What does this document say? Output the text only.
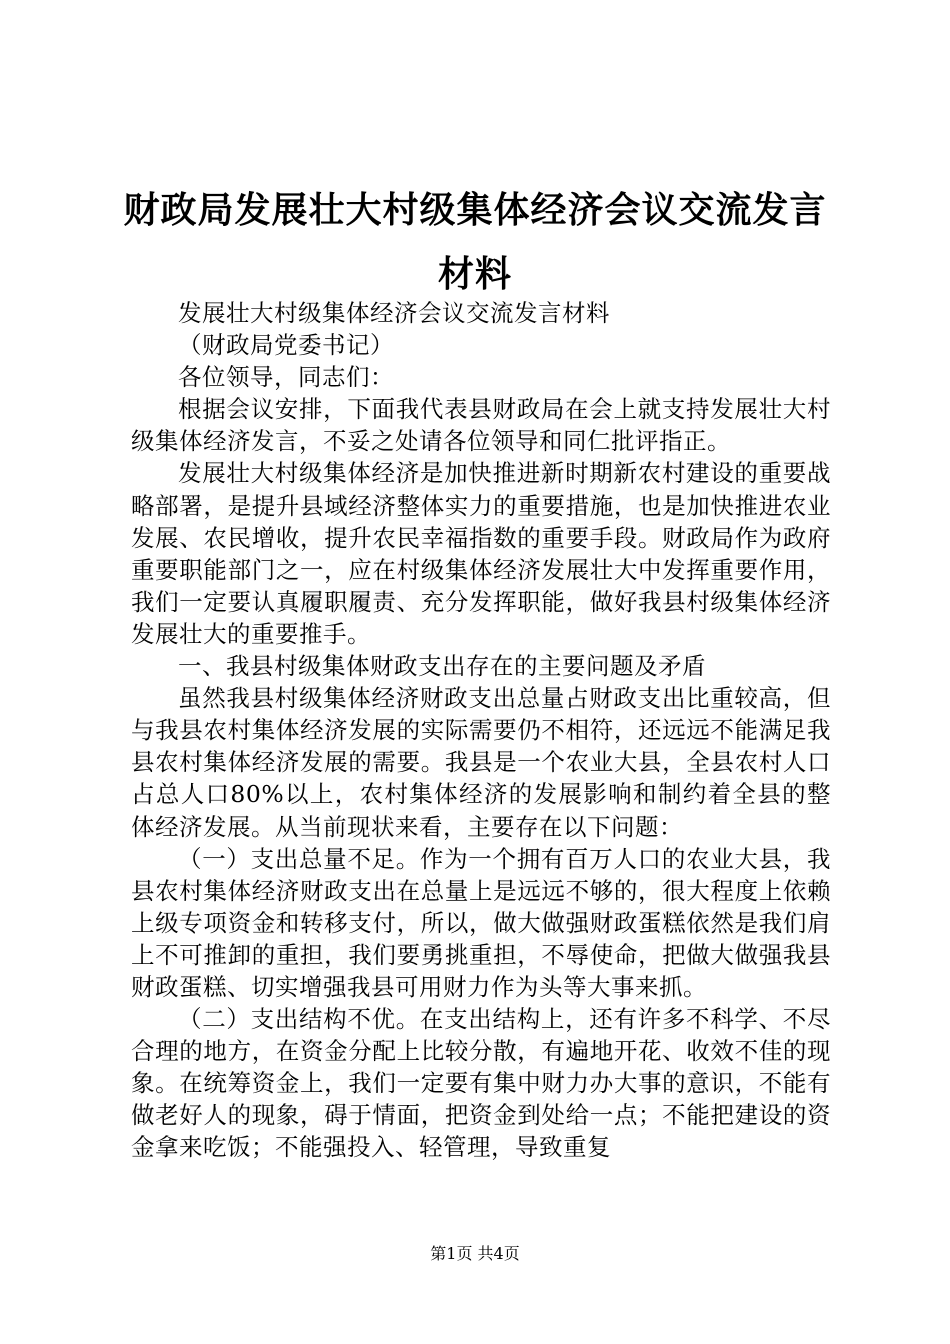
财政局发展壮大村级集体经济会议交流发言材料

发展壮大村级集体经济会议交流发言材料

（财政局党委书记）

各位领导，同志们：

根据会议安排，下面我代表县财政局在会上就支持发展壮大村级集体经济发言，不妥之处请各位领导和同仁批评指正。

发展壮大村级集体经济是加快推进新时期新农村建设的重要战略部署，是提升县域经济整体实力的重要措施，也是加快推进农业发展、农民增收，提升农民幸福指数的重要手段。财政局作为政府重要职能部门之一，应在村级集体经济发展壮大中发挥重要作用，我们一定要认真履职履责、充分发挥职能，做好我县村级集体经济发展壮大的重要推手。

一、我县村级集体财政支出存在的主要问题及矛盾

虽然我县村级集体经济财政支出总量占财政支出比重较高，但与我县农村集体经济发展的实际需要仍不相符，还远远不能满足我县农村集体经济发展的需要。我县是一个农业大县，全县农村人口占总人口80%以上，农村集体经济的发展影响和制约着全县的整体经济发展。从当前现状来看，主要存在以下问题：

（一）支出总量不足。作为一个拥有百万人口的农业大县，我县农村集体经济财政支出在总量上是远远不够的，很大程度上依赖上级专项资金和转移支付，所以，做大做强财政蛋糕依然是我们肩上不可推卸的重担，我们要勇挑重担，不辱使命，把做大做强我县财政蛋糕、切实增强我县可用财力作为头等大事来抓。

（二）支出结构不优。在支出结构上，还有许多不科学、不尽合理的地方，在资金分配上比较分散，有遍地开花、收效不佳的现象。在统筹资金上，我们一定要有集中财力办大事的意识，不能有做老好人的现象，碍于情面，把资金到处给一点；不能把建设的资金拿来吃饭；不能强投入、轻管理，导致重复

第1页 共4页
